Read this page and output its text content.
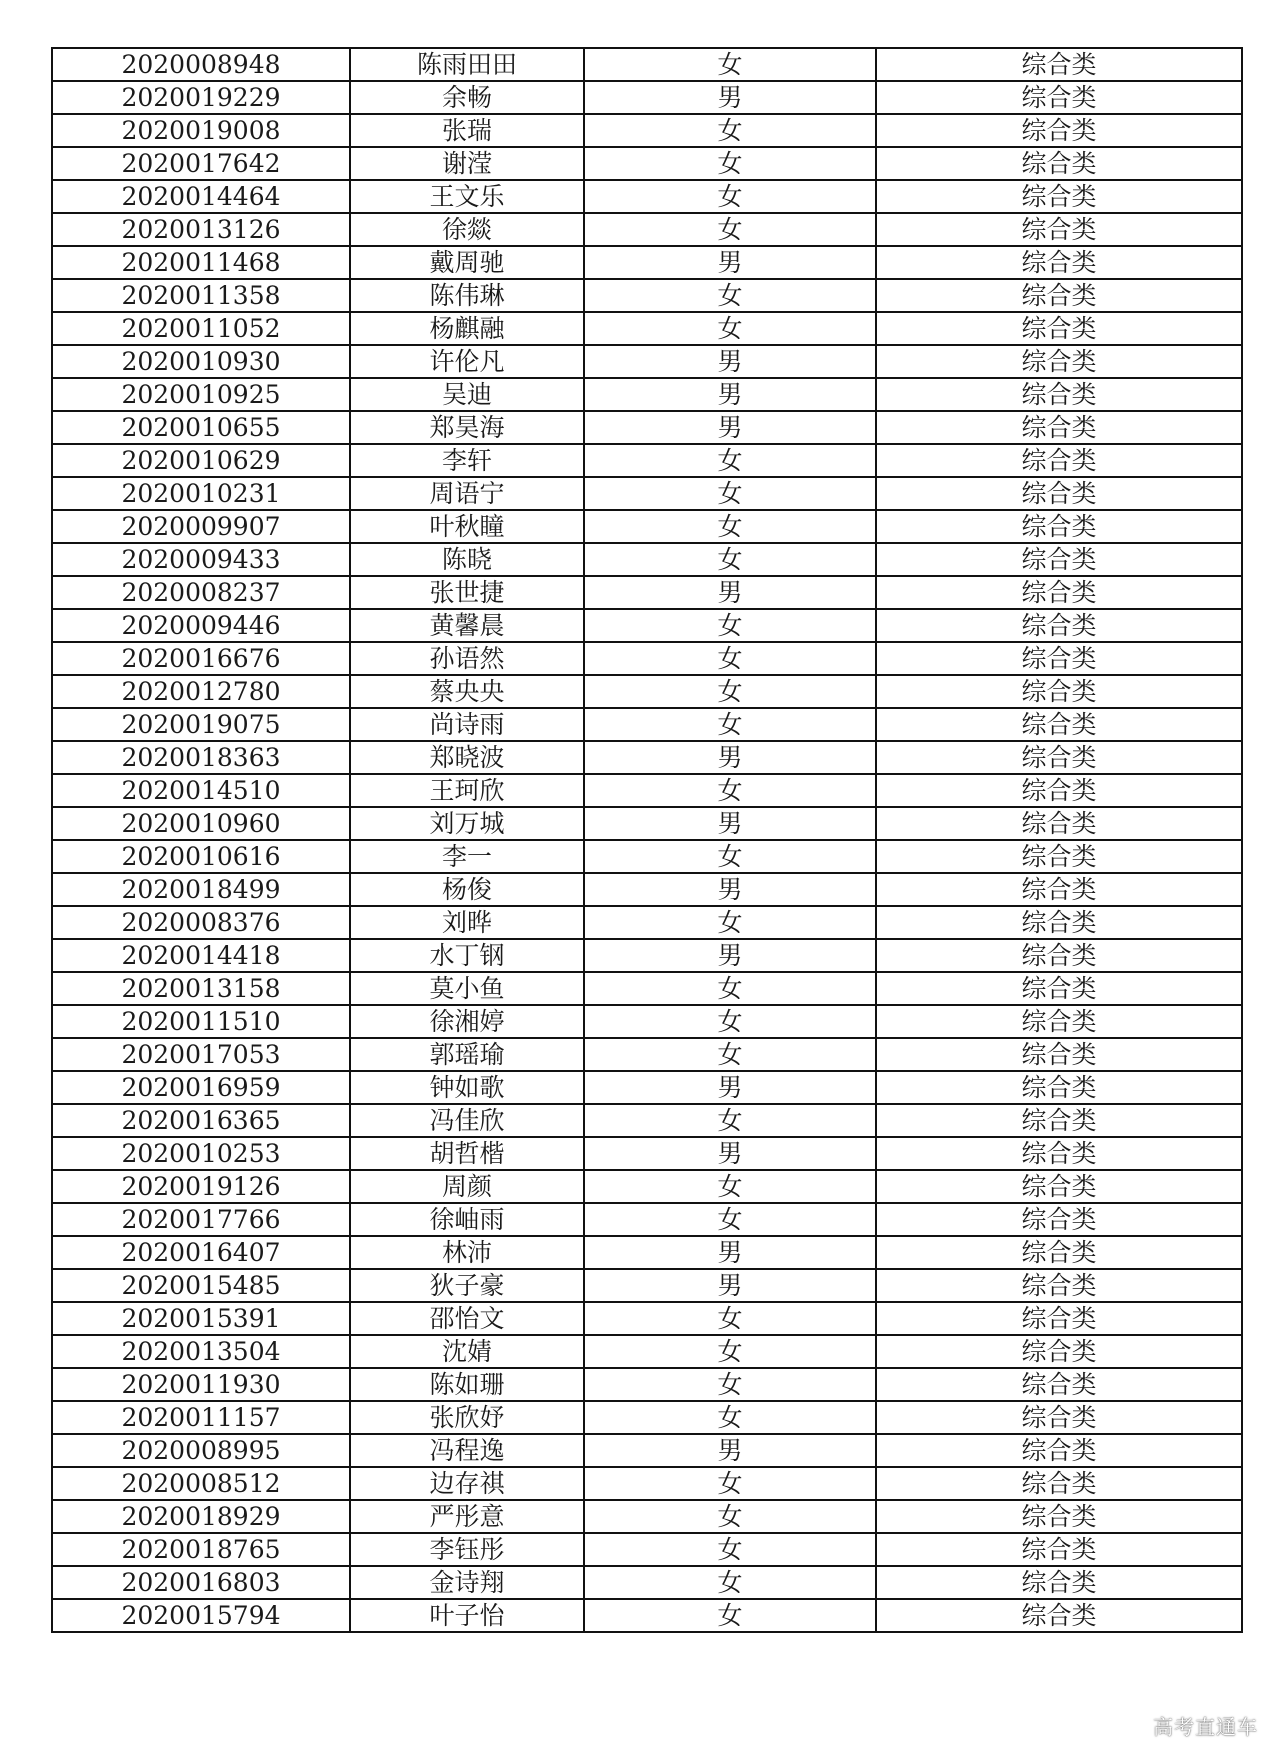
2020008948	陈雨田田	女	综合类
2020019229	余畅	男	综合类
2020019008	张瑞	女	综合类
2020017642	谢滢	女	综合类
2020014464	王文乐	女	综合类
2020013126	徐燚	女	综合类
2020011468	戴周驰	男	综合类
2020011358	陈伟琳	女	综合类
2020011052	杨麒融	女	综合类
2020010930	许伦凡	男	综合类
2020010925	吴迪	男	综合类
2020010655	郑昊海	男	综合类
2020010629	李轩	女	综合类
2020010231	周语宁	女	综合类
2020009907	叶秋瞳	女	综合类
2020009433	陈晓	女	综合类
2020008237	张世捷	男	综合类
2020009446	黄馨晨	女	综合类
2020016676	孙语然	女	综合类
2020012780	蔡央央	女	综合类
2020019075	尚诗雨	女	综合类
2020018363	郑晓波	男	综合类
2020014510	王珂欣	女	综合类
2020010960	刘万城	男	综合类
2020010616	李一	女	综合类
2020018499	杨俊	男	综合类
2020008376	刘晔	女	综合类
2020014418	水丁钢	男	综合类
2020013158	莫小鱼	女	综合类
2020011510	徐湘婷	女	综合类
2020017053	郭瑶瑜	女	综合类
2020016959	钟如歌	男	综合类
2020016365	冯佳欣	女	综合类
2020010253	胡哲楷	男	综合类
2020019126	周颜	女	综合类
2020017766	徐岫雨	女	综合类
2020016407	林沛	男	综合类
2020015485	狄子豪	男	综合类
2020015391	邵怡文	女	综合类
2020013504	沈婧	女	综合类
2020011930	陈如珊	女	综合类
2020011157	张欣妤	女	综合类
2020008995	冯程逸	男	综合类
2020008512	边存祺	女	综合类
2020018929	严彤意	女	综合类
2020018765	李钰彤	女	综合类
2020016803	金诗翔	女	综合类
2020015794	叶子怡	女	综合类
高考直通车
